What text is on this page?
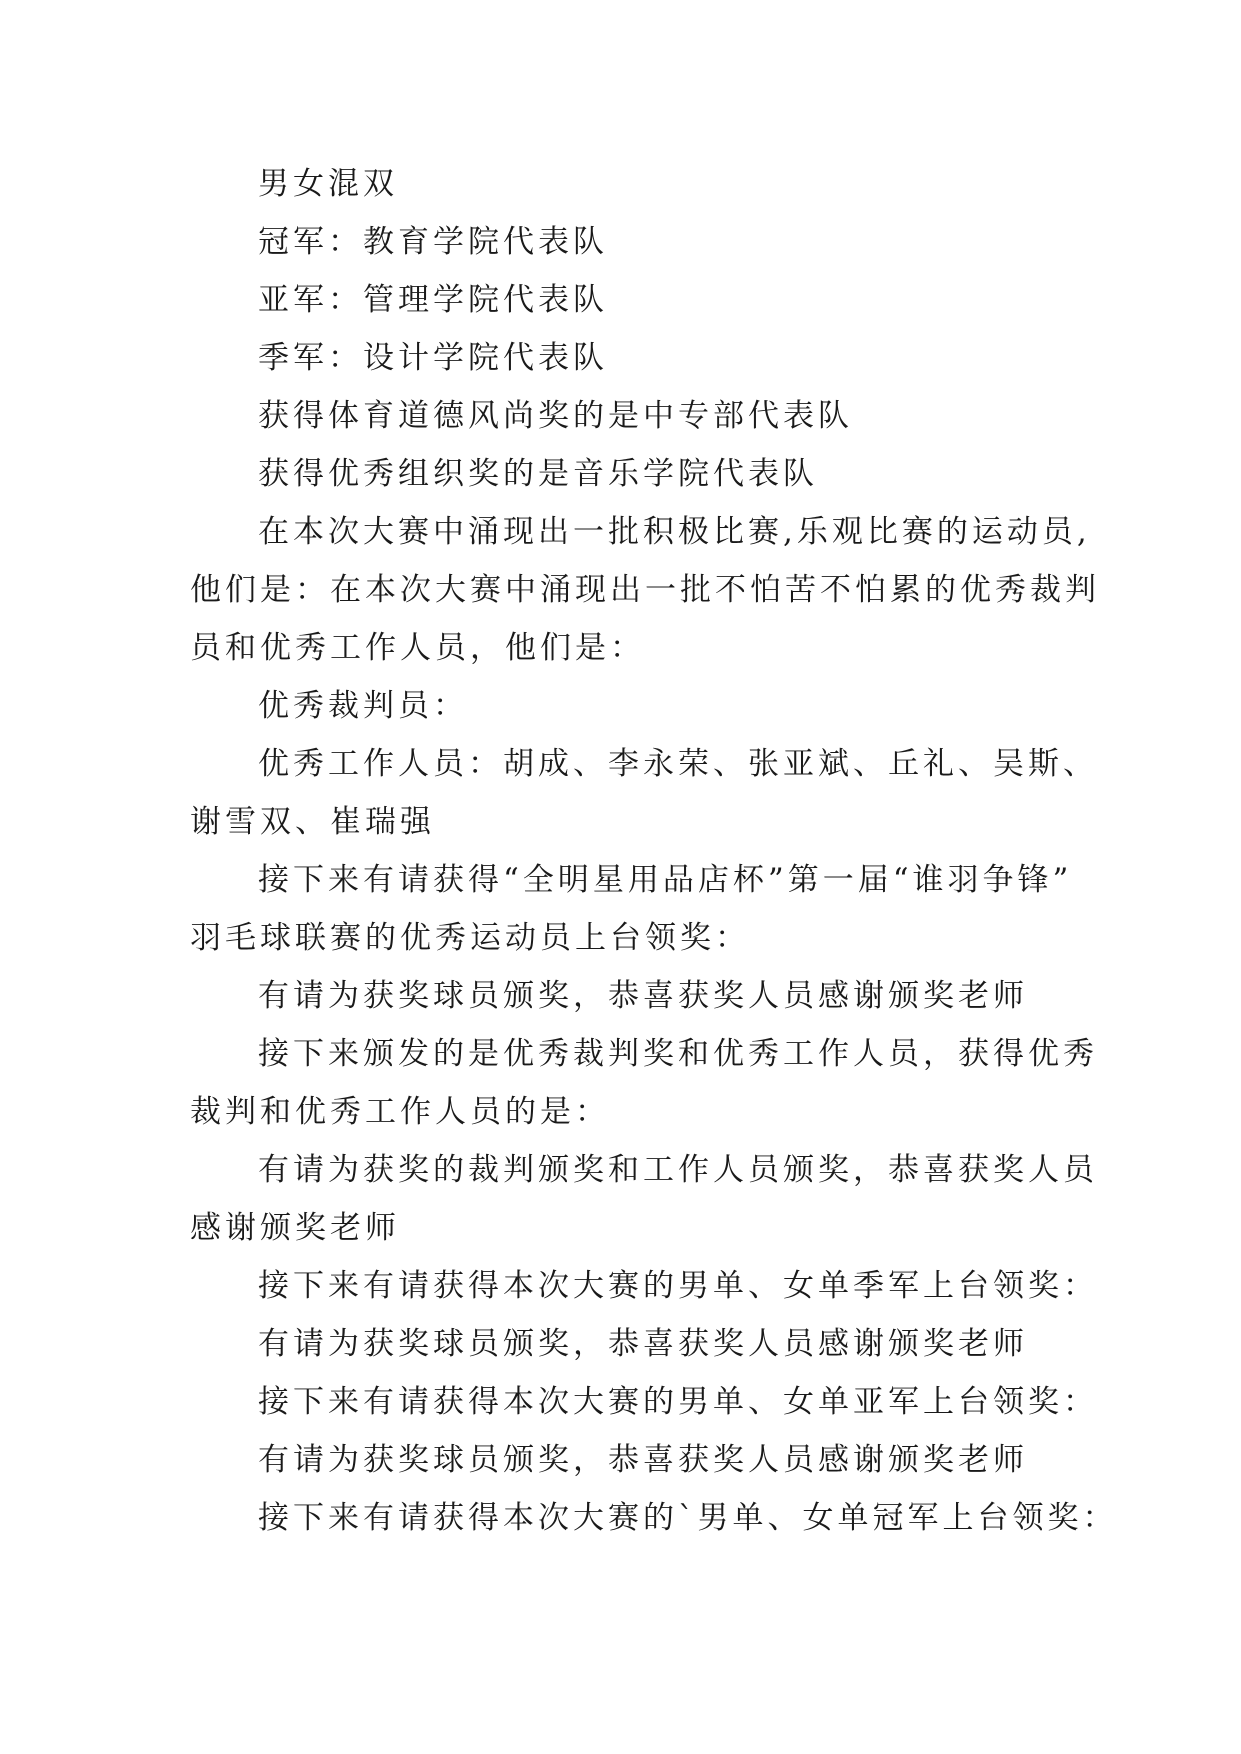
男女混双
冠军：教育学院代表队
亚军：管理学院代表队
季军：设计学院代表队
获得体育道德风尚奖的是中专部代表队
获得优秀组织奖的是音乐学院代表队
在本次大赛中涌现出一批积极比赛,乐观比赛的运动员,
他们是：在本次大赛中涌现出一批不怕苦不怕累的优秀裁判
员和优秀工作人员，他们是：
优秀裁判员：
优秀工作人员：胡成、李永荣、张亚斌、丘礼、吴斯、
谢雪双、崔瑞强
接下来有请获得“全明星用品店杯”第一届“谁羽争锋”
羽毛球联赛的优秀运动员上台领奖：
有请为获奖球员颁奖，恭喜获奖人员感谢颁奖老师
接下来颁发的是优秀裁判奖和优秀工作人员，获得优秀
裁判和优秀工作人员的是：
有请为获奖的裁判颁奖和工作人员颁奖，恭喜获奖人员
感谢颁奖老师
接下来有请获得本次大赛的男单、女单季军上台领奖：
有请为获奖球员颁奖，恭喜获奖人员感谢颁奖老师
接下来有请获得本次大赛的男单、女单亚军上台领奖：
有请为获奖球员颁奖，恭喜获奖人员感谢颁奖老师
接下来有请获得本次大赛的`男单、女单冠军上台领奖：
